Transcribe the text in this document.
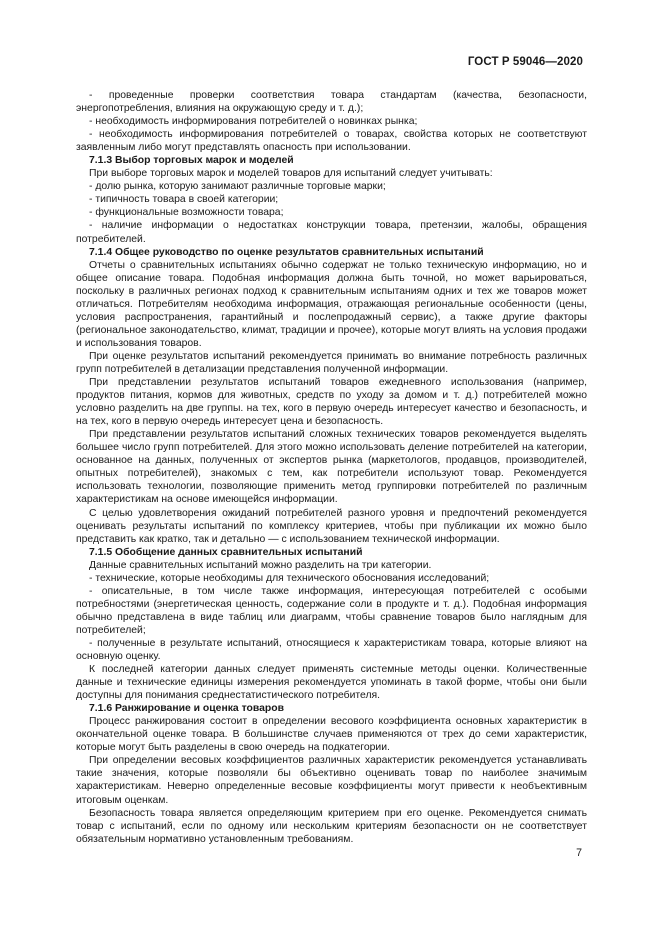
ГОСТ Р 59046—2020

- проведенные проверки соответствия товара стандартам (качества, безопасности, энергопотребления, влияния на окружающую среду и т. д.);

- необходимость информирования потребителей о новинках рынка;

- необходимость информирования потребителей о товарах, свойства которых не соответствуют заявленным либо могут представлять опасность при использовании.

7.1.3 Выбор торговых марок и моделей

При выборе торговых марок и моделей товаров для испытаний следует учитывать:

- долю рынка, которую занимают различные торговые марки;

- типичность товара в своей категории;

- функциональные возможности товара;

- наличие информации о недостатках конструкции товара, претензии, жалобы, обращения потребителей.

7.1.4 Общее руководство по оценке результатов сравнительных испытаний

Отчеты о сравнительных испытаниях обычно содержат не только техническую информацию, но и общее описание товара. Подобная информация должна быть точной, но может варьироваться, поскольку в различных регионах подход к сравнительным испытаниям одних и тех же товаров может отличаться. Потребителям необходима информация, отражающая региональные особенности (цены, условия распространения, гарантийный и послепродажный сервис), а также другие факторы (региональное законодательство, климат, традиции и прочее), которые могут влиять на условия продажи и использования товаров.

При оценке результатов испытаний рекомендуется принимать во внимание потребность различных групп потребителей в детализации представления полученной информации.

При представлении результатов испытаний товаров ежедневного использования (например, продуктов питания, кормов для животных, средств по уходу за домом и т. д.) потребителей можно условно разделить на две группы. на тех, кого в первую очередь интересует качество и безопасность, и на тех, кого в первую очередь интересует цена и безопасность.

При представлении результатов испытаний сложных технических товаров рекомендуется выделять большее число групп потребителей. Для этого можно использовать деление потребителей на категории, основанное на данных, полученных от экспертов рынка (маркетологов, продавцов, производителей, опытных потребителей), знакомых с тем, как потребители используют товар. Рекомендуется использовать технологии, позволяющие применить метод группировки потребителей по различным характеристикам на основе имеющейся информации.

С целью удовлетворения ожиданий потребителей разного уровня и предпочтений рекомендуется оценивать результаты испытаний по комплексу критериев, чтобы при публикации их можно было представить как кратко, так и детально — с использованием технической информации.

7.1.5 Обобщение данных сравнительных испытаний

Данные сравнительных испытаний можно разделить на три категории.

- технические, которые необходимы для технического обоснования исследований;

- описательные, в том числе также информация, интересующая потребителей с особыми потребностями (энергетическая ценность, содержание соли в продукте и т. д.). Подобная информация обычно представлена в виде таблиц или диаграмм, чтобы сравнение товаров было наглядным для потребителей;

- полученные в результате испытаний, относящиеся к характеристикам товара, которые влияют на основную оценку.

К последней категории данных следует применять системные методы оценки. Количественные данные и технические единицы измерения рекомендуется упоминать в такой форме, чтобы они были доступны для понимания среднестатистического потребителя.

7.1.6 Ранжирование и оценка товаров

Процесс ранжирования состоит в определении весового коэффициента основных характеристик в окончательной оценке товара. В большинстве случаев применяются от трех до семи характеристик, которые могут быть разделены в свою очередь на подкатегории.

При определении весовых коэффициентов различных характеристик рекомендуется устанавливать такие значения, которые позволяли бы объективно оценивать товар по наиболее значимым характеристикам. Неверно определенные весовые коэффициенты могут привести к необъективным итоговым оценкам.

Безопасность товара является определяющим критерием при его оценке. Рекомендуется снимать товар с испытаний, если по одному или нескольким критериям безопасности он не соответствует обязательным нормативно установленным требованиям.

7
